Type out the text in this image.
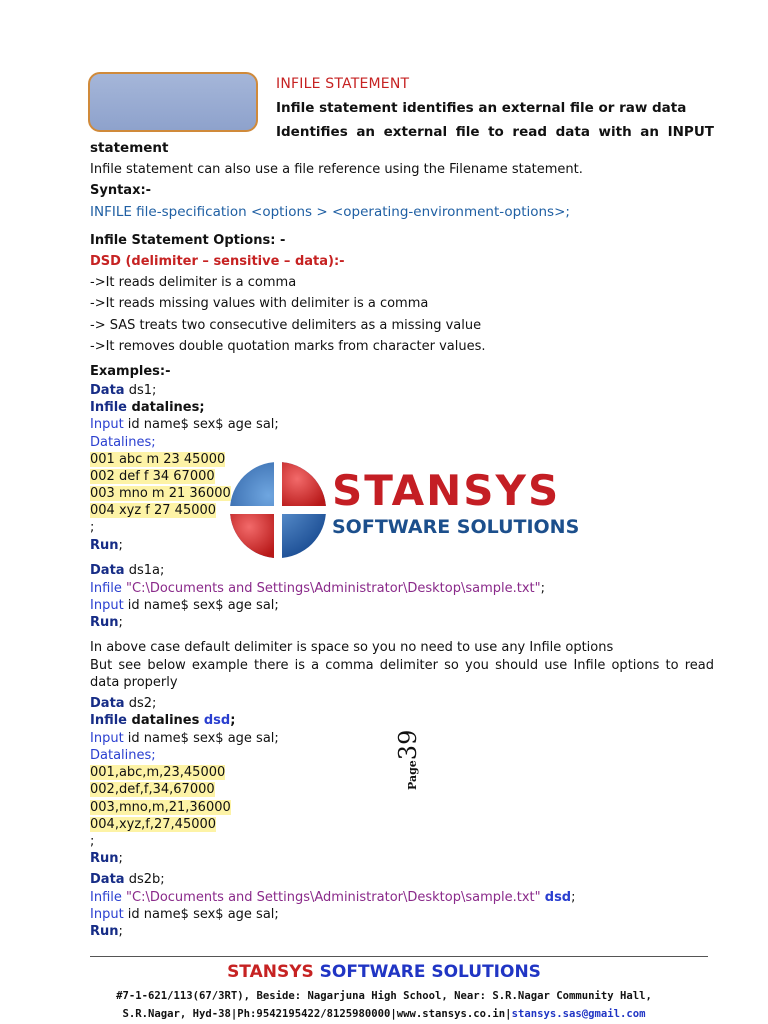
INFILE STATEMENT
Infile statement identifies an external file or raw data
Identifies an external file to read data with an INPUT
statement
Infile statement can also use a file reference using the Filename statement.
Syntax:-
INFILE file-specification <options > <operating-environment-options>;
Infile Statement Options: -
DSD (delimiter – sensitive – data):-
->It reads delimiter is a comma
->It reads missing values with delimiter is a comma
-> SAS treats two consecutive delimiters as a missing value
->It removes double quotation marks from character values.
Examples:-
Data ds1;
Infile datalines;
Input id name$ sex$ age sal;
Datalines;
001 abc m 23 45000
002 def f 34 67000
003 mno m 21 36000
004 xyz f 27 45000
;
Run;
STANSYS
SOFTWARE SOLUTIONS
Data ds1a;
Infile "C:\Documents and Settings\Administrator\Desktop\sample.txt";
Input id name$ sex$ age sal;
Run;
In above case default delimiter is space so you no need to use any Infile options
But see below example there is a comma delimiter so you should use Infile options to read data properly
Data ds2;
Infile datalines dsd;
Input id name$ sex$ age sal;
Datalines;
001,abc,m,23,45000
002,def,f,34,67000
003,mno,m,21,36000
004,xyz,f,27,45000
;
Run;
Data ds2b;
Infile "C:\Documents and Settings\Administrator\Desktop\sample.txt" dsd;
Input id name$ sex$ age sal;
Run;
Page39
STANSYS SOFTWARE SOLUTIONS
#7-1-621/113(67/3RT), Beside: Nagarjuna High School, Near: S.R.Nagar Community Hall,
S.R.Nagar, Hyd-38|Ph:9542195422/8125980000|www.stansys.co.in|stansys.sas@gmail.com
